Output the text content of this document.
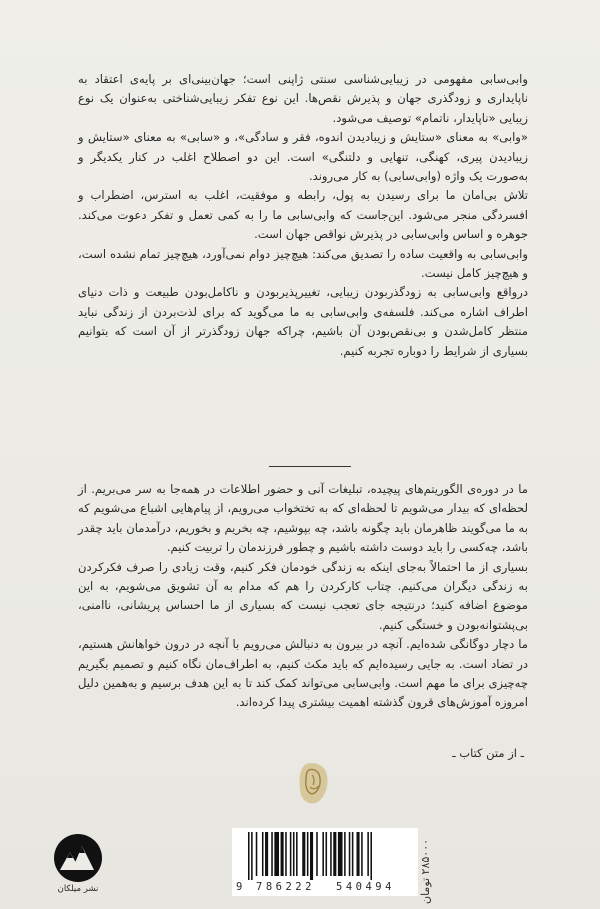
وابی‌سابی مفهومی در زیبایی‌شناسی سنتی ژاپنی است؛ جهان‌بینی‌ای بر پایه‌ی اعتقاد به ناپایداری و زودگذری جهان و پذیرش نقص‌ها. این نوع تفکر زیبایی‌شناختی به‌عنوان یک نوع زیبایی «ناپایدار، ناتمام» توصیف می‌شود.

«وابی» به معنای «ستایش و زیبادیدن اندوه، فقر و سادگی»، و «سابی» به معنای «ستایش و زیبادیدن پیری، کهنگی، تنهایی و دلتنگی» است. این دو اصطلاح اغلب در کنار یکدیگر و به‌صورت یک واژه (وابی‌سابی) به کار می‌روند.

تلاش بی‌امان ما برای رسیدن به پول، رابطه و موفقیت، اغلب به استرس، اضطراب و افسردگی منجر می‌شود. این‌جاست که وابی‌سابی ما را به کمی تعمل و تفکر دعوت می‌کند. جوهره و اساس وابی‌سابی در پذیرش نواقص جهان است.

وابی‌سابی به واقعیت ساده را تصدیق می‌کند: هیچ‌چیز دوام نمی‌آورد، هیچ‌چیز تمام نشده است، و هیچ‌چیز کامل نیست.

درواقع وابی‌سابی به زودگذربودن زیبایی، تغییرپذیربودن و ناکامل‌بودن طبیعت و ذات دنیای اطراف اشاره می‌کند. فلسفه‌ی وابی‌سابی به ما می‌گوید که برای لذت‌بردن از زندگی نباید منتظر کامل‌شدن و بی‌نقص‌بودن آن باشیم، چراکه جهان زودگذرتر از آن است که بتوانیم بسیاری از شرایط را دوباره تجربه کنیم.

ما در دوره‌ی الگوریتم‌های پیچیده، تبلیغات آنی و حضور اطلاعات در همه‌جا به سر می‌بریم. از لحظه‌ای که بیدار می‌شویم تا لحظه‌ای که به تختخواب می‌رویم، از پیام‌هایی اشباع می‌شویم که به ما می‌گویند ظاهرمان باید چگونه باشد، چه بپوشیم، چه بخریم و بخوریم، درآمدمان باید چقدر باشد، چه‌کسی را باید دوست داشته باشیم و چطور فرزندمان را تربیت کنیم.

بسیاری از ما احتمالاً به‌جای اینکه به زندگی خودمان فکر کنیم، وقت زیادی را صرف فکرکردن به زندگی دیگران می‌کنیم. چتاب کارکردن را هم که مدام به آن تشویق می‌شویم، به این موضوع اضافه کنید؛ درنتیجه جای تعجب نیست که بسیاری از ما احساس پریشانی، ناامنی، بی‌پشتوانه‌بودن و خستگی کنیم.

ما دچار دوگانگی شده‌ایم. آنچه در بیرون به دنبالش می‌رویم با آنچه در درون خواهانش هستیم، در تضاد است. به جایی رسیده‌ایم که باید مکث کنیم، به اطراف‌مان نگاه کنیم و تصمیم بگیریم چه‌چیزی برای ما مهم است. وابی‌سابی می‌تواند کمک کند تا به این هدف برسیم و به‌همین دلیل امروزه آموزش‌های قرون گذشته اهمیت بیشتری پیدا کرده‌اند.

ـ از متن کتاب ـ
نشر میلکان	۲۸۵۰۰۰ تومان
9 786222 540494
